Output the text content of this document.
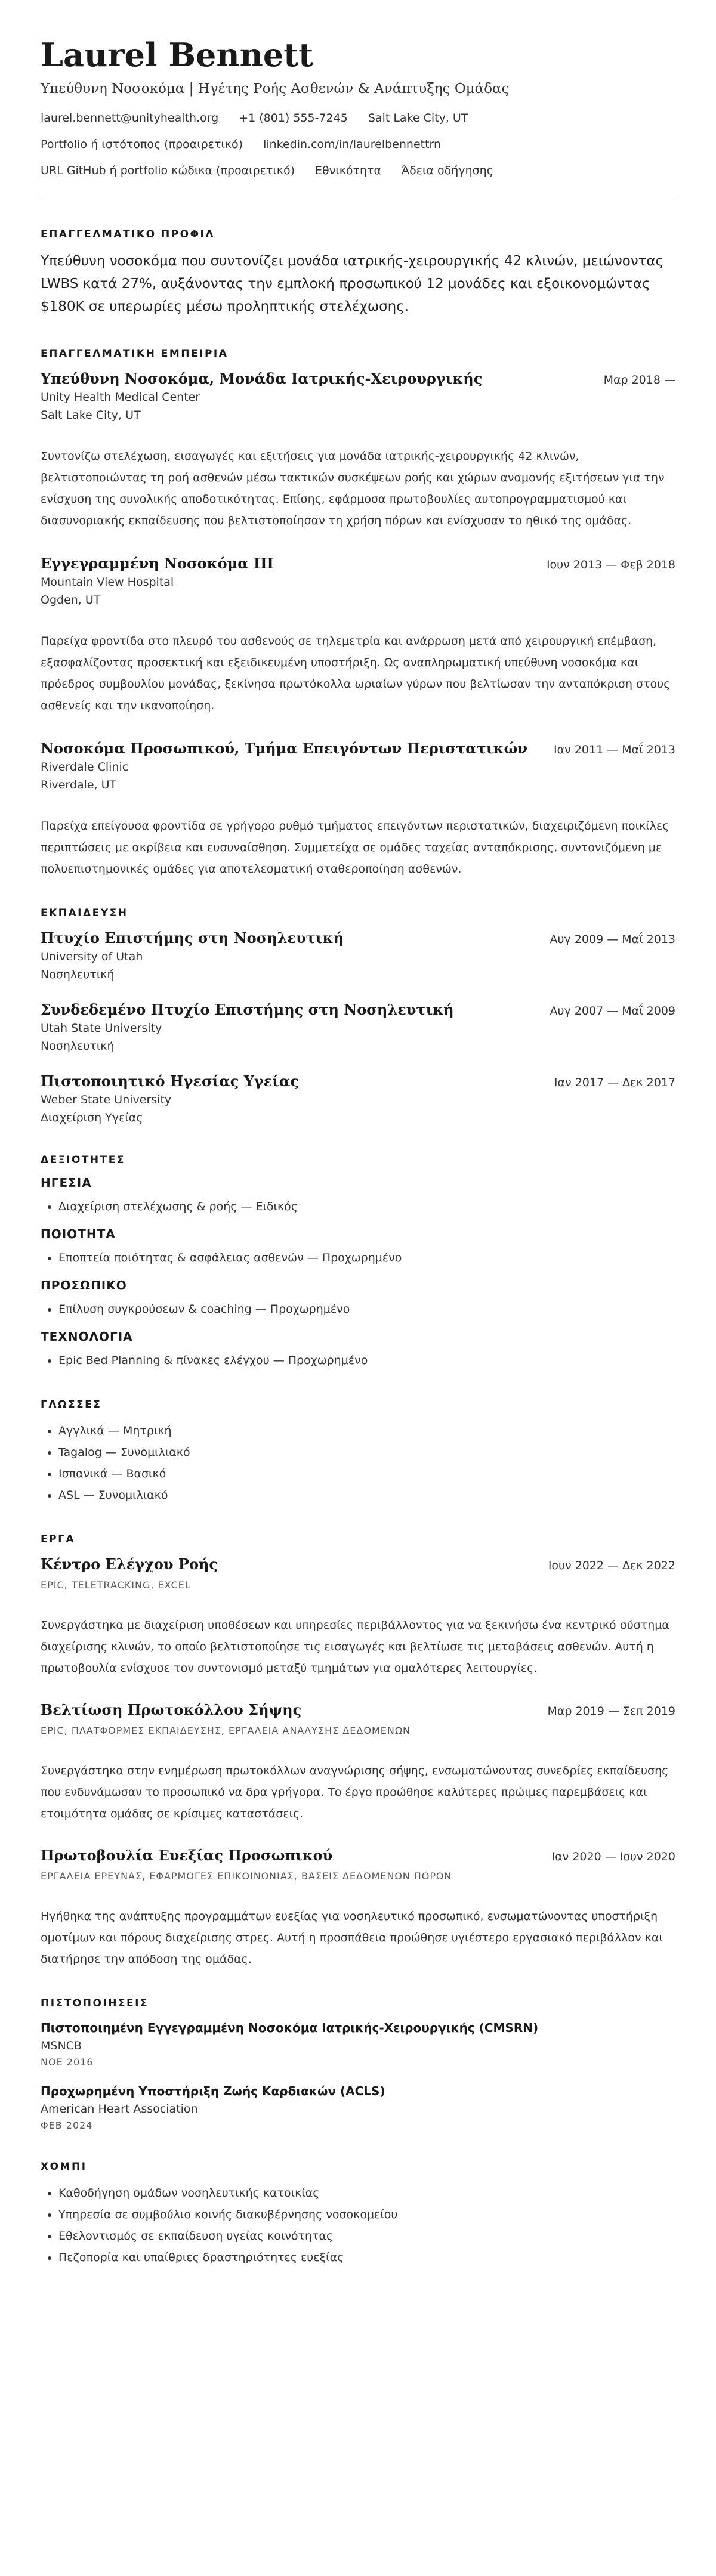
Laurel Bennett
Υπεύθυνη Νοσοκόμα | Ηγέτης Ροής Ασθενών & Ανάπτυξης Ομάδας
laurel.bennett@unityhealth.org +1 (801) 555-7245 Salt Lake City, UT
Portfolio ή ιστότοπος (προαιρετικό) linkedin.com/in/laurelbennettrn
URL GitHub ή portfolio κώδικα (προαιρετικό) Εθνικότητα Άδεια οδήγησης
ΕΠΑΓΓΕΛΜΑΤΙΚΟ ΠΡΟΦΙΛ

Υπεύθυνη νοσοκόμα που συντονίζει μονάδα ιατρικής-χειρουργικής 42 κλινών, μειώνοντας LWBS κατά 27%, αυξάνοντας την εμπλοκή προσωπικού 12 μονάδες και εξοικονομώντας $180K σε υπερωρίες μέσω προληπτικής στελέχωσης.

ΕΠΑΓΓΕΛΜΑΤΙΚΗ ΕΜΠΕΙΡΙΑ
Υπεύθυνη Νοσοκόμα, Μονάδα Ιατρικής-Χειρουργικής	Μαρ 2018 —
Unity Health Medical Center
Salt Lake City, UT

Συντονίζω στελέχωση, εισαγωγές και εξιτήσεις για μονάδα ιατρικής-χειρουργικής 42 κλινών, βελτιστοποιώντας τη ροή ασθενών μέσω τακτικών συσκέψεων ροής και χώρων αναμονής εξιτήσεων για την ενίσχυση της συνολικής αποδοτικότητας. Επίσης, εφάρμοσα πρωτοβουλίες αυτοπρογραμματισμού και διασυνοριακής εκπαίδευσης που βελτιστοποίησαν τη χρήση πόρων και ενίσχυσαν το ηθικό της ομάδας.

Εγγεγραμμένη Νοσοκόμα III	Ιουν 2013 — Φεβ 2018
Mountain View Hospital
Ogden, UT

Παρείχα φροντίδα στο πλευρό του ασθενούς σε τηλεμετρία και ανάρρωση μετά από χειρουργική επέμβαση, εξασφαλίζοντας προσεκτική και εξειδικευμένη υποστήριξη. Ως αναπληρωματική υπεύθυνη νοσοκόμα και πρόεδρος συμβουλίου μονάδας, ξεκίνησα πρωτόκολλα ωριαίων γύρων που βελτίωσαν την ανταπόκριση στους ασθενείς και την ικανοποίηση.

Νοσοκόμα Προσωπικού, Τμήμα Επειγόντων Περιστατικών Ιαν 2011 — Μαΐ 2013
Riverdale Clinic
Riverdale, UT

Παρείχα επείγουσα φροντίδα σε γρήγορο ρυθμό τμήματος επειγόντων περιστατικών, διαχειριζόμενη ποικίλες περιπτώσεις με ακρίβεια και ευσυναίσθηση. Συμμετείχα σε ομάδες ταχείας ανταπόκρισης, συντονιζόμενη με πολυεπιστημονικές ομάδες για αποτελεσματική σταθεροποίηση ασθενών.

ΕΚΠΑΙΔΕΥΣΗ
Πτυχίο Επιστήμης στη Νοσηλευτική	Αυγ 2009 — Μαΐ 2013
University of Utah
Νοσηλευτική
Συνδεδεμένο Πτυχίο Επιστήμης στη Νοσηλευτική	Αυγ 2007 — Μαΐ 2009
Utah State University
Νοσηλευτική
Πιστοποιητικό Ηγεσίας Υγείας	Ιαν 2017 — Δεκ 2017
Weber State University
Διαχείριση Υγείας
ΔΕΞΙΟΤΗΤΕΣ
ΗΓΕΣΙΑ
• Διαχείριση στελέχωσης & ροής — Ειδικός
ΠΟΙΟΤΗΤΑ
• Εποπτεία ποιότητας & ασφάλειας ασθενών — Προχωρημένο
ΠΡΟΣΩΠΙΚΟ
• Επίλυση συγκρούσεων & coaching — Προχωρημένο
ΤΕΧΝΟΛΟΓΙΑ
• Epic Bed Planning & πίνακες ελέγχου — Προχωρημένο
ΓΛΩΣΣΕΣ
• Αγγλικά — Μητρική
• Tagalog — Συνομιλιακό
• Ισπανικά — Βασικό
• ASL — Συνομιλιακό
ΕΡΓΑ
Κέντρο Ελέγχου Ροής	Ιουν 2022 — Δεκ 2022
EPIC, TELETRACKING, EXCEL

Συνεργάστηκα με διαχείριση υποθέσεων και υπηρεσίες περιβάλλοντος για να ξεκινήσω ένα κεντρικό σύστημα διαχείρισης κλινών, το οποίο βελτιστοποίησε τις εισαγωγές και βελτίωσε τις μεταβάσεις ασθενών. Αυτή η πρωτοβουλία ενίσχυσε τον συντονισμό μεταξύ τμημάτων για ομαλότερες λειτουργίες.

Βελτίωση Πρωτοκόλλου Σήψης	Μαρ 2019 — Σεπ 2019
EPIC, ΠΛΑΤΦΟΡΜΕΣ ΕΚΠΑΙΔΕΥΣΗΣ, ΕΡΓΑΛΕΙΑ ΑΝΑΛΥΣΗΣ ΔΕΔΟΜΕΝΩΝ

Συνεργάστηκα στην ενημέρωση πρωτοκόλλων αναγνώρισης σήψης, ενσωματώνοντας συνεδρίες εκπαίδευσης που ενδυνάμωσαν το προσωπικό να δρα γρήγορα. Το έργο προώθησε καλύτερες πρώιμες παρεμβάσεις και ετοιμότητα ομάδας σε κρίσιμες καταστάσεις.

Πρωτοβουλία Ευεξίας Προσωπικού	Ιαν 2020 — Ιουν 2020
ΕΡΓΑΛΕΙΑ ΕΡΕΥΝΑΣ, ΕΦΑΡΜΟΓΕΣ ΕΠΙΚΟΙΝΩΝΙΑΣ, ΒΑΣΕΙΣ ΔΕΔΟΜΕΝΩΝ ΠΟΡΩΝ

Ηγήθηκα της ανάπτυξης προγραμμάτων ευεξίας για νοσηλευτικό προσωπικό, ενσωματώνοντας υποστήριξη ομοτίμων και πόρους διαχείρισης στρες. Αυτή η προσπάθεια προώθησε υγιέστερο εργασιακό περιβάλλον και διατήρησε την απόδοση της ομάδας.

ΠΙΣΤΟΠΟΙΗΣΕΙΣ
Πιστοποιημένη Εγγεγραμμένη Νοσοκόμα Ιατρικής-Χειρουργικής (CMSRN)
MSNCB
ΝΟΕ 2016
Προχωρημένη Υποστήριξη Ζωής Καρδιακών (ACLS)
American Heart Association
ΦΕΒ 2024
ΧΟΜΠΙ
• Καθοδήγηση ομάδων νοσηλευτικής κατοικίας
• Υπηρεσία σε συμβούλιο κοινής διακυβέρνησης νοσοκομείου
• Εθελοντισμός σε εκπαίδευση υγείας κοινότητας
• Πεζοπορία και υπαίθριες δραστηριότητες ευεξίας
